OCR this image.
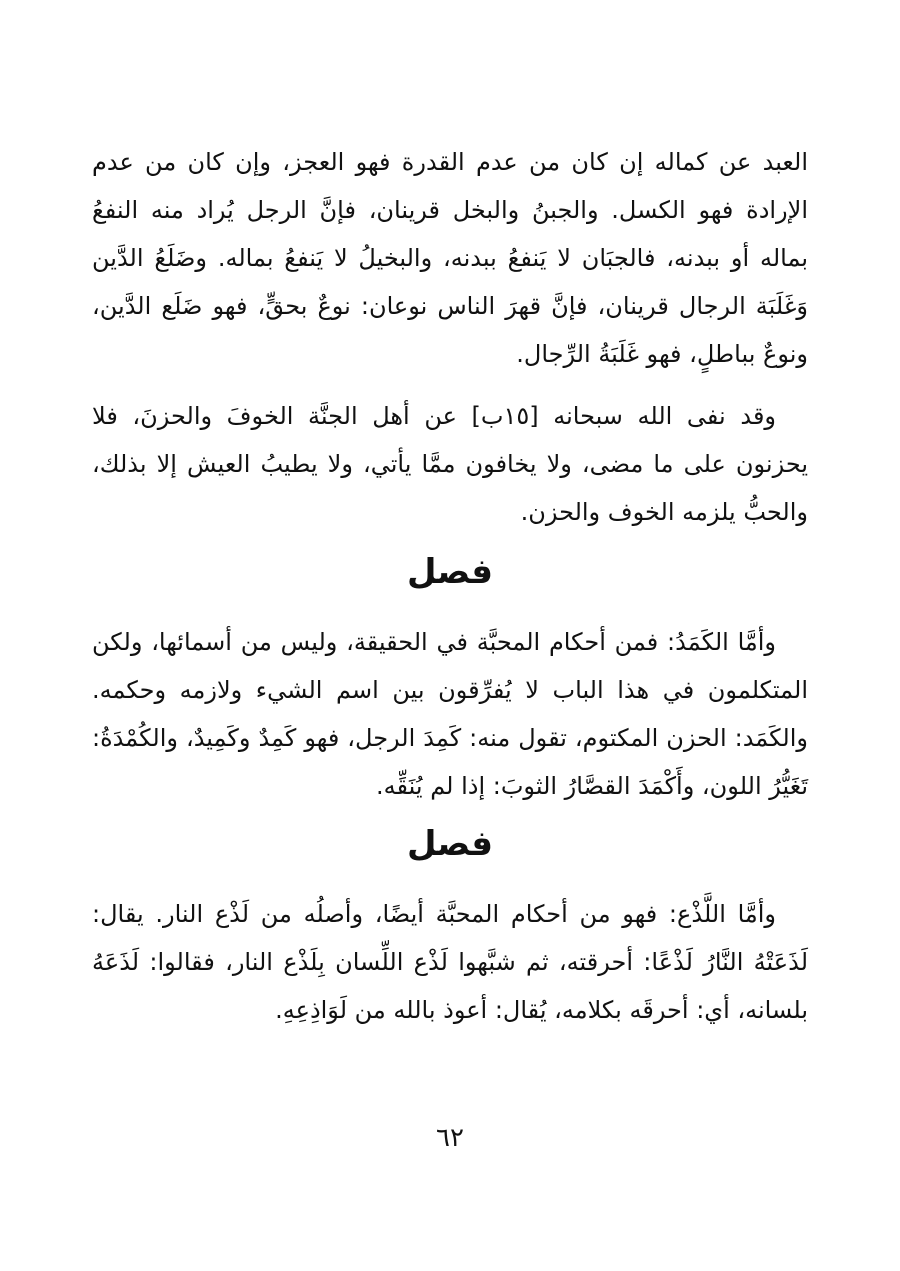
العبد عن كماله إن كان من عدم القدرة فهو العجز، وإن كان من عدم الإرادة فهو الكسل. والجبنُ والبخل قرينان، فإنَّ الرجل يُراد منه النفعُ بماله أو ببدنه، فالجبَان لا يَنفعُ ببدنه، والبخيلُ لا يَنفعُ بماله. وضَلَعُ الدَّين وَغَلَبَة الرجال قرينان، فإنَّ قهرَ الناس نوعان: نوعٌ بحقٍّ، فهو ضَلَع الدَّين، ونوعٌ بباطلٍ، فهو غَلَبَةُ الرِّجال.

وقد نفى الله سبحانه [١٥ب] عن أهل الجنَّة الخوفَ والحزنَ، فلا يحزنون على ما مضى، ولا يخافون ممَّا يأتي، ولا يطيبُ العيش إلا بذلك، والحبُّ يلزمه الخوف والحزن.

فصل

وأمَّا الكَمَدُ: فمن أحكام المحبَّة في الحقيقة، وليس من أسمائها، ولكن المتكلمون في هذا الباب لا يُفرِّقون بين اسم الشيء ولازمه وحكمه. والكَمَد: الحزن المكتوم، تقول منه: كَمِدَ الرجل، فهو كَمِدٌ وكَمِيدٌ، والكُمْدَةُ: تَغَيُّرُ اللون، وأَكْمَدَ القصَّارُ الثوبَ: إذا لم يُنَقِّه.

فصل

وأمَّا اللَّذْع: فهو من أحكام المحبَّة أيضًا، وأصلُه من لَذْع النار. يقال: لَذَعَتْهُ النَّارُ لَذْعًا: أحرقته، ثم شبَّهوا لَذْع اللِّسان بِلَذْع النار، فقالوا: لَذَعَهُ بلسانه، أي: أحرقَه بكلامه، يُقال: أعوذ بالله من لَوَاذِعِهِ.

٦٢
